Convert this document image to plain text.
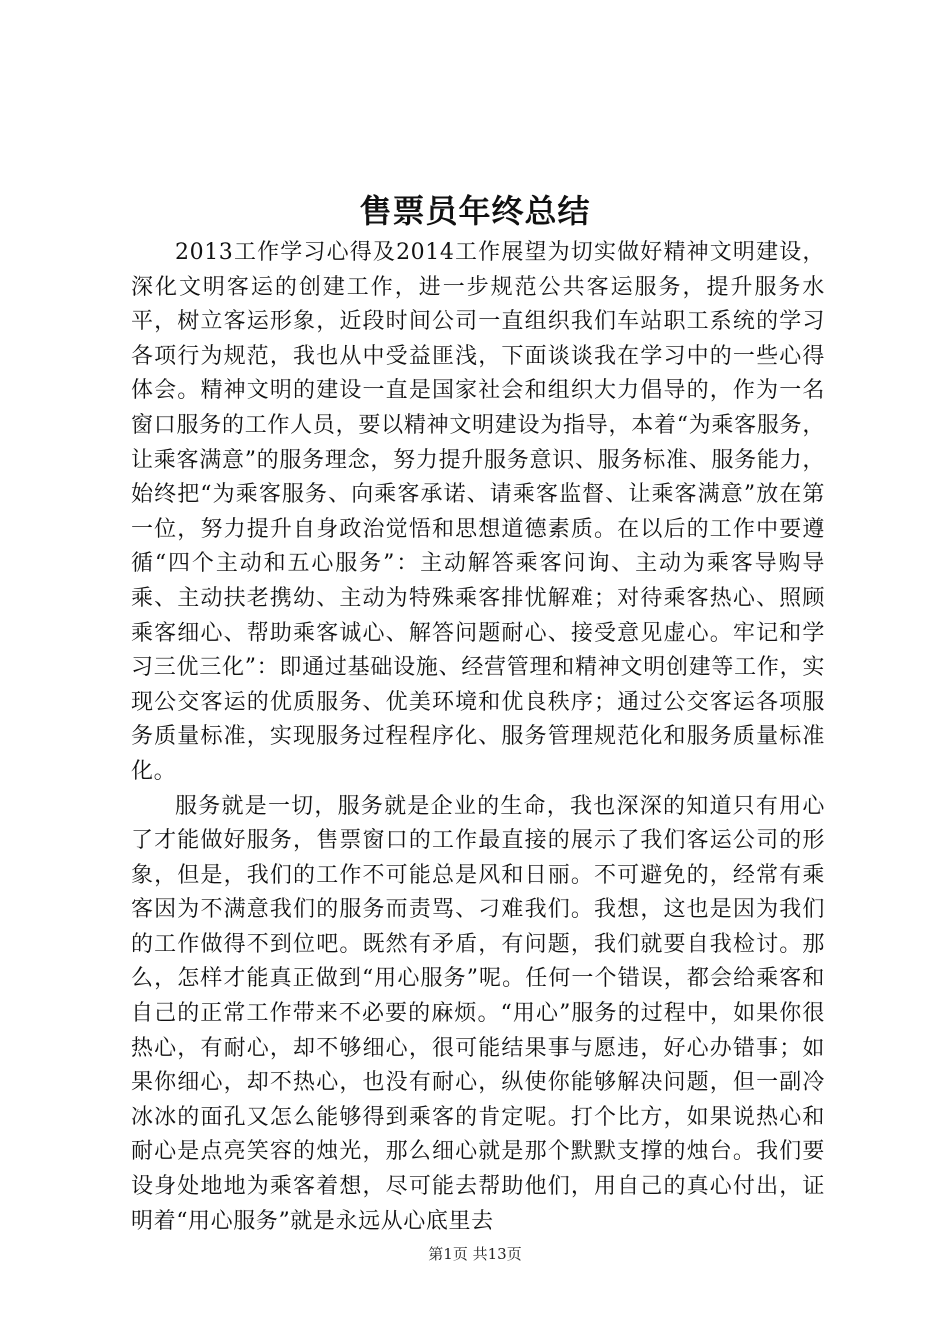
售票员年终总结

2013工作学习心得及2014工作展望为切实做好精神文明建设，深化文明客运的创建工作，进一步规范公共客运服务，提升服务水平，树立客运形象，近段时间公司一直组织我们车站职工系统的学习各项行为规范，我也从中受益匪浅，下面谈谈我在学习中的一些心得体会。精神文明的建设一直是国家社会和组织大力倡导的，作为一名窗口服务的工作人员，要以精神文明建设为指导，本着“为乘客服务，让乘客满意”的服务理念，努力提升服务意识、服务标准、服务能力，始终把“为乘客服务、向乘客承诺、请乘客监督、让乘客满意”放在第一位，努力提升自身政治觉悟和思想道德素质。在以后的工作中要遵循“四个主动和五心服务”：主动解答乘客问询、主动为乘客导购导乘、主动扶老携幼、主动为特殊乘客排忧解难；对待乘客热心、照顾乘客细心、帮助乘客诚心、解答问题耐心、接受意见虚心。牢记和学习三优三化”：即通过基础设施、经营管理和精神文明创建等工作，实现公交客运的优质服务、优美环境和优良秩序；通过公交客运各项服务质量标准，实现服务过程程序化、服务管理规范化和服务质量标准化。

服务就是一切，服务就是企业的生命，我也深深的知道只有用心了才能做好服务，售票窗口的工作最直接的展示了我们客运公司的形象，但是，我们的工作不可能总是风和日丽。不可避免的，经常有乘客因为不满意我们的服务而责骂、刁难我们。我想，这也是因为我们的工作做得不到位吧。既然有矛盾，有问题，我们就要自我检讨。那么，怎样才能真正做到“用心服务”呢。任何一个错误，都会给乘客和自己的正常工作带来不必要的麻烦。“用心”服务的过程中，如果你很热心，有耐心，却不够细心，很可能结果事与愿违，好心办错事；如果你细心，却不热心，也没有耐心，纵使你能够解决问题，但一副冷冰冰的面孔又怎么能够得到乘客的肯定呢。打个比方，如果说热心和耐心是点亮笑容的烛光，那么细心就是那个默默支撑的烛台。我们要设身处地地为乘客着想，尽可能去帮助他们，用自己的真心付出，证明着“用心服务”就是永远从心底里去

第1页 共13页
